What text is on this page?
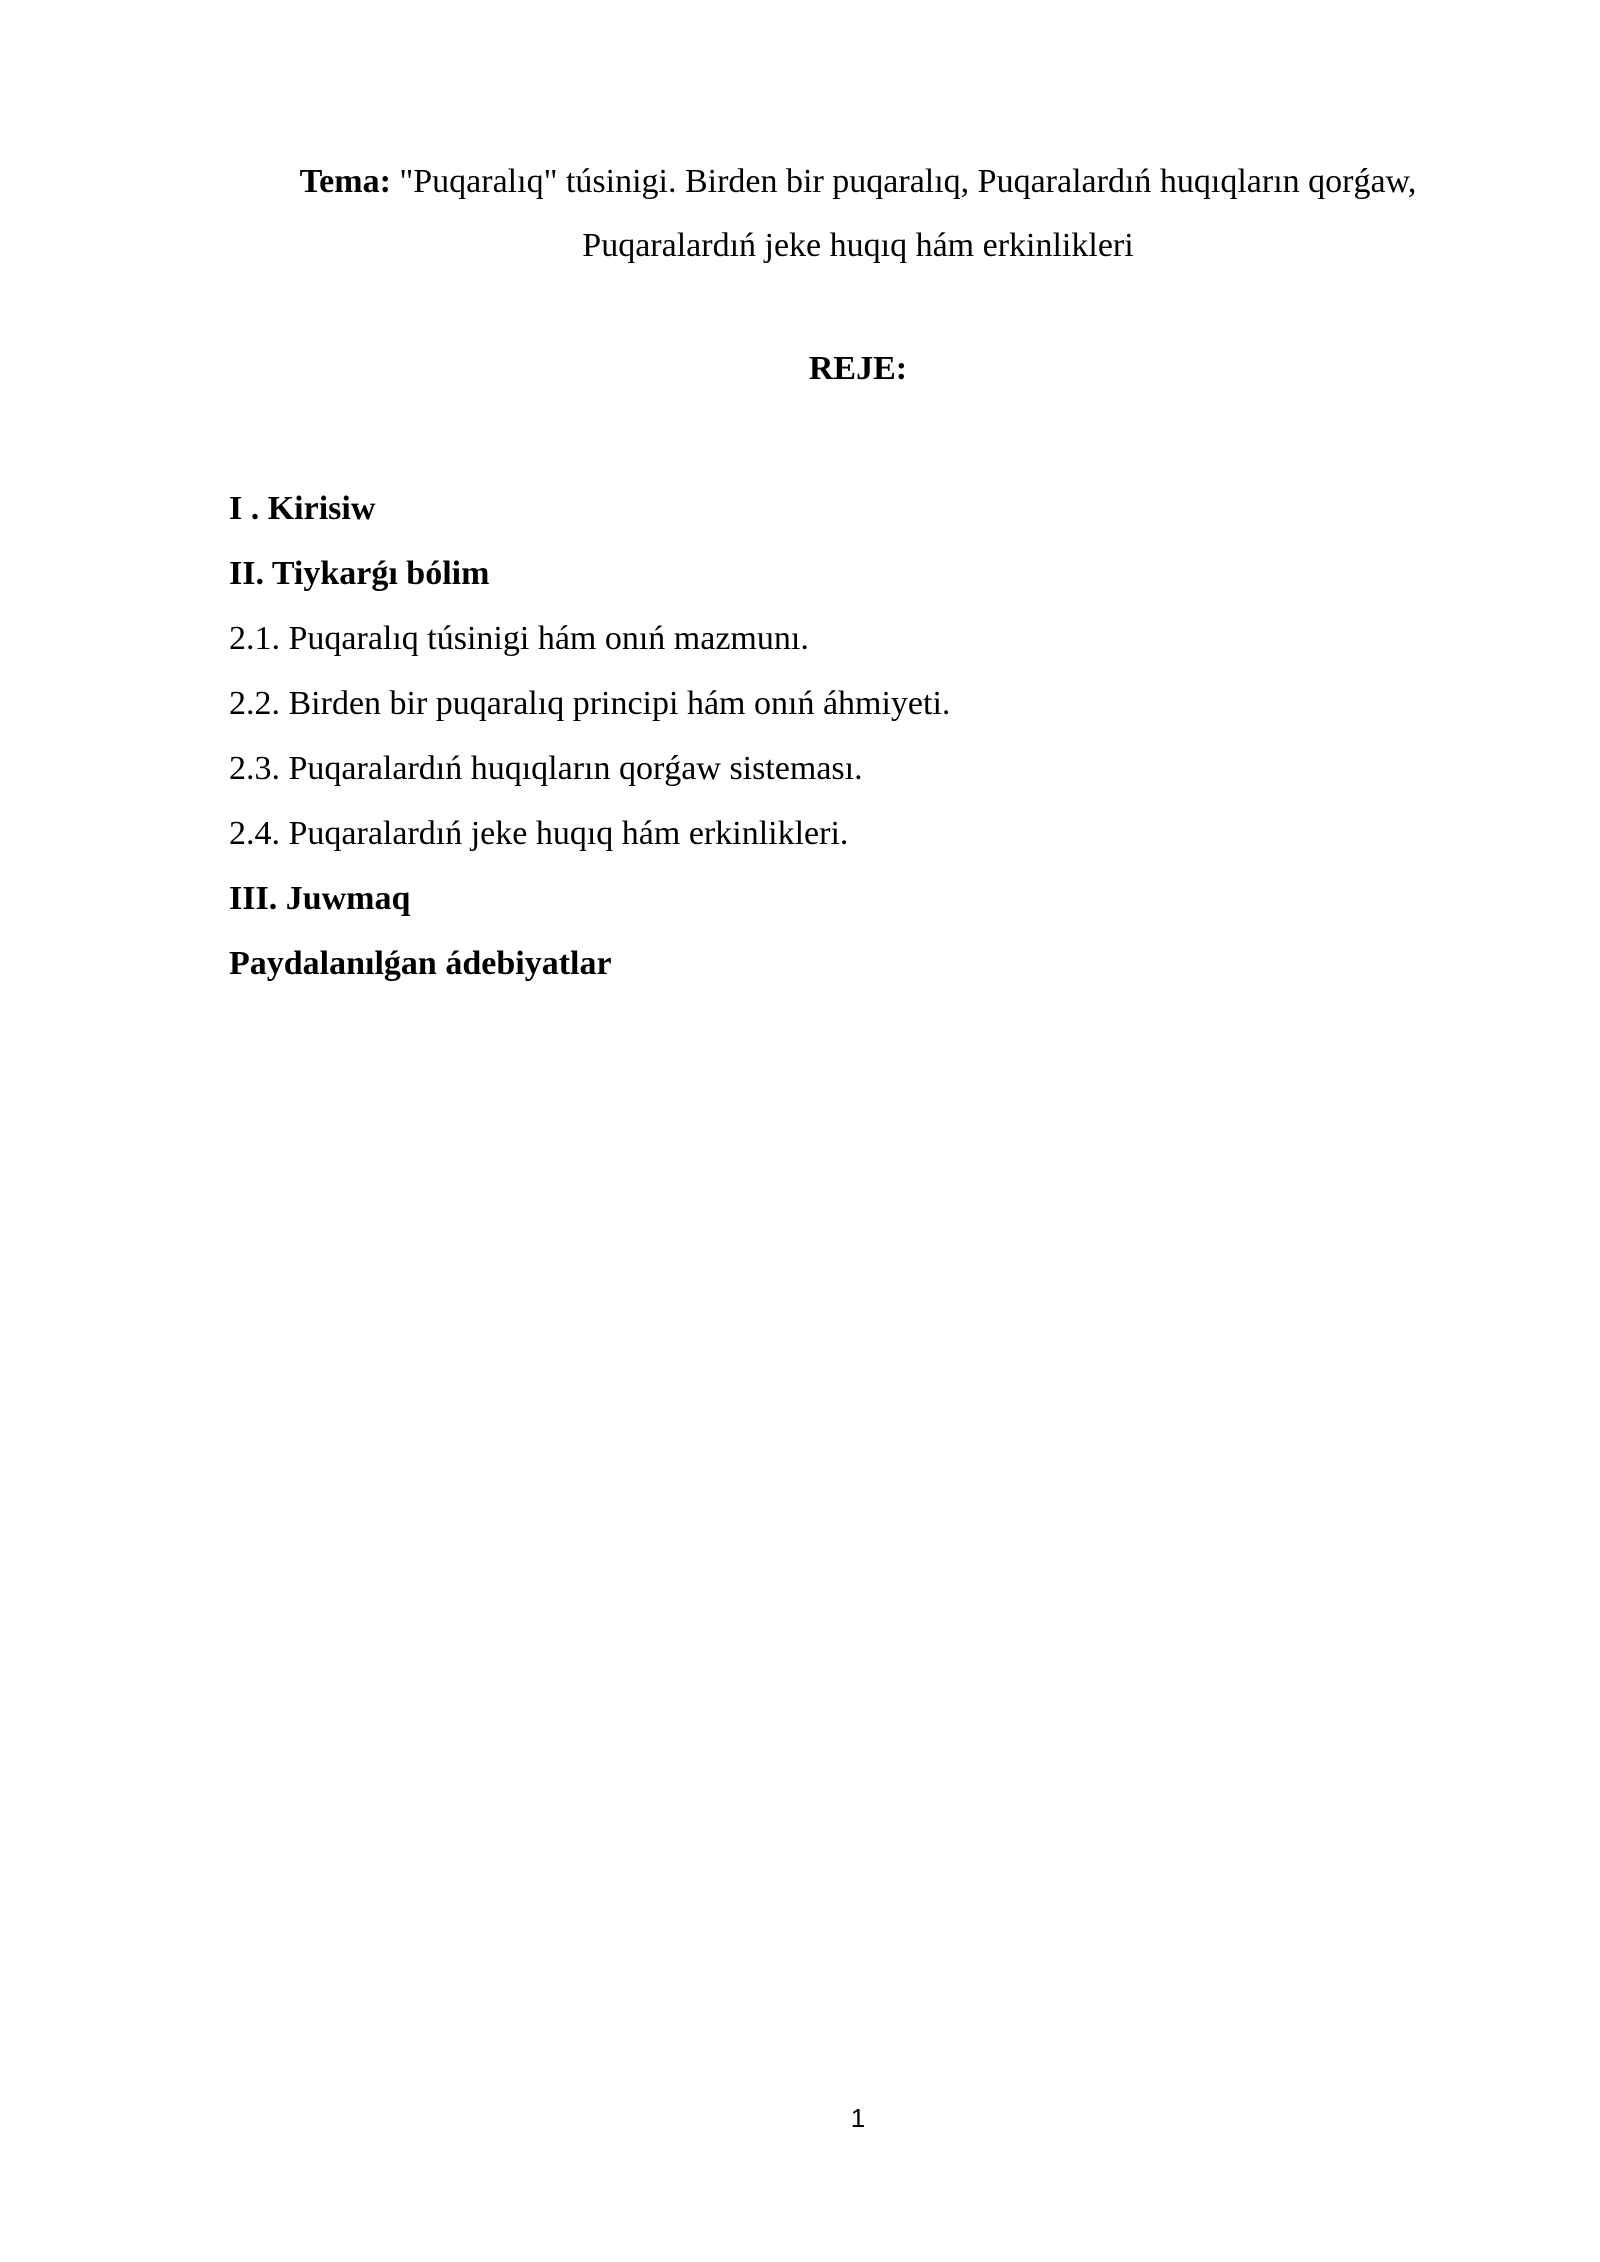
Tema: "Puqaralıq" túsinigi. Birden bir puqaralıq, Puqaralardıń huqıqların qorǵaw,
Puqaralardıń jeke huqıq hám erkinlikleri
REJE:
I . Kirisiw
II. Tiykarǵı bólim
2.1. Puqaralıq túsinigi hám onıń mazmunı.
2.2. Birden bir puqaralıq principi hám onıń áhmiyeti.
2.3. Puqaralardıń huqıqların qorǵaw sisteması.
2.4. Puqaralardıń jeke huqıq hám erkinlikleri.
III. Juwmaq
Paydalanılǵan ádebiyatlar
1
